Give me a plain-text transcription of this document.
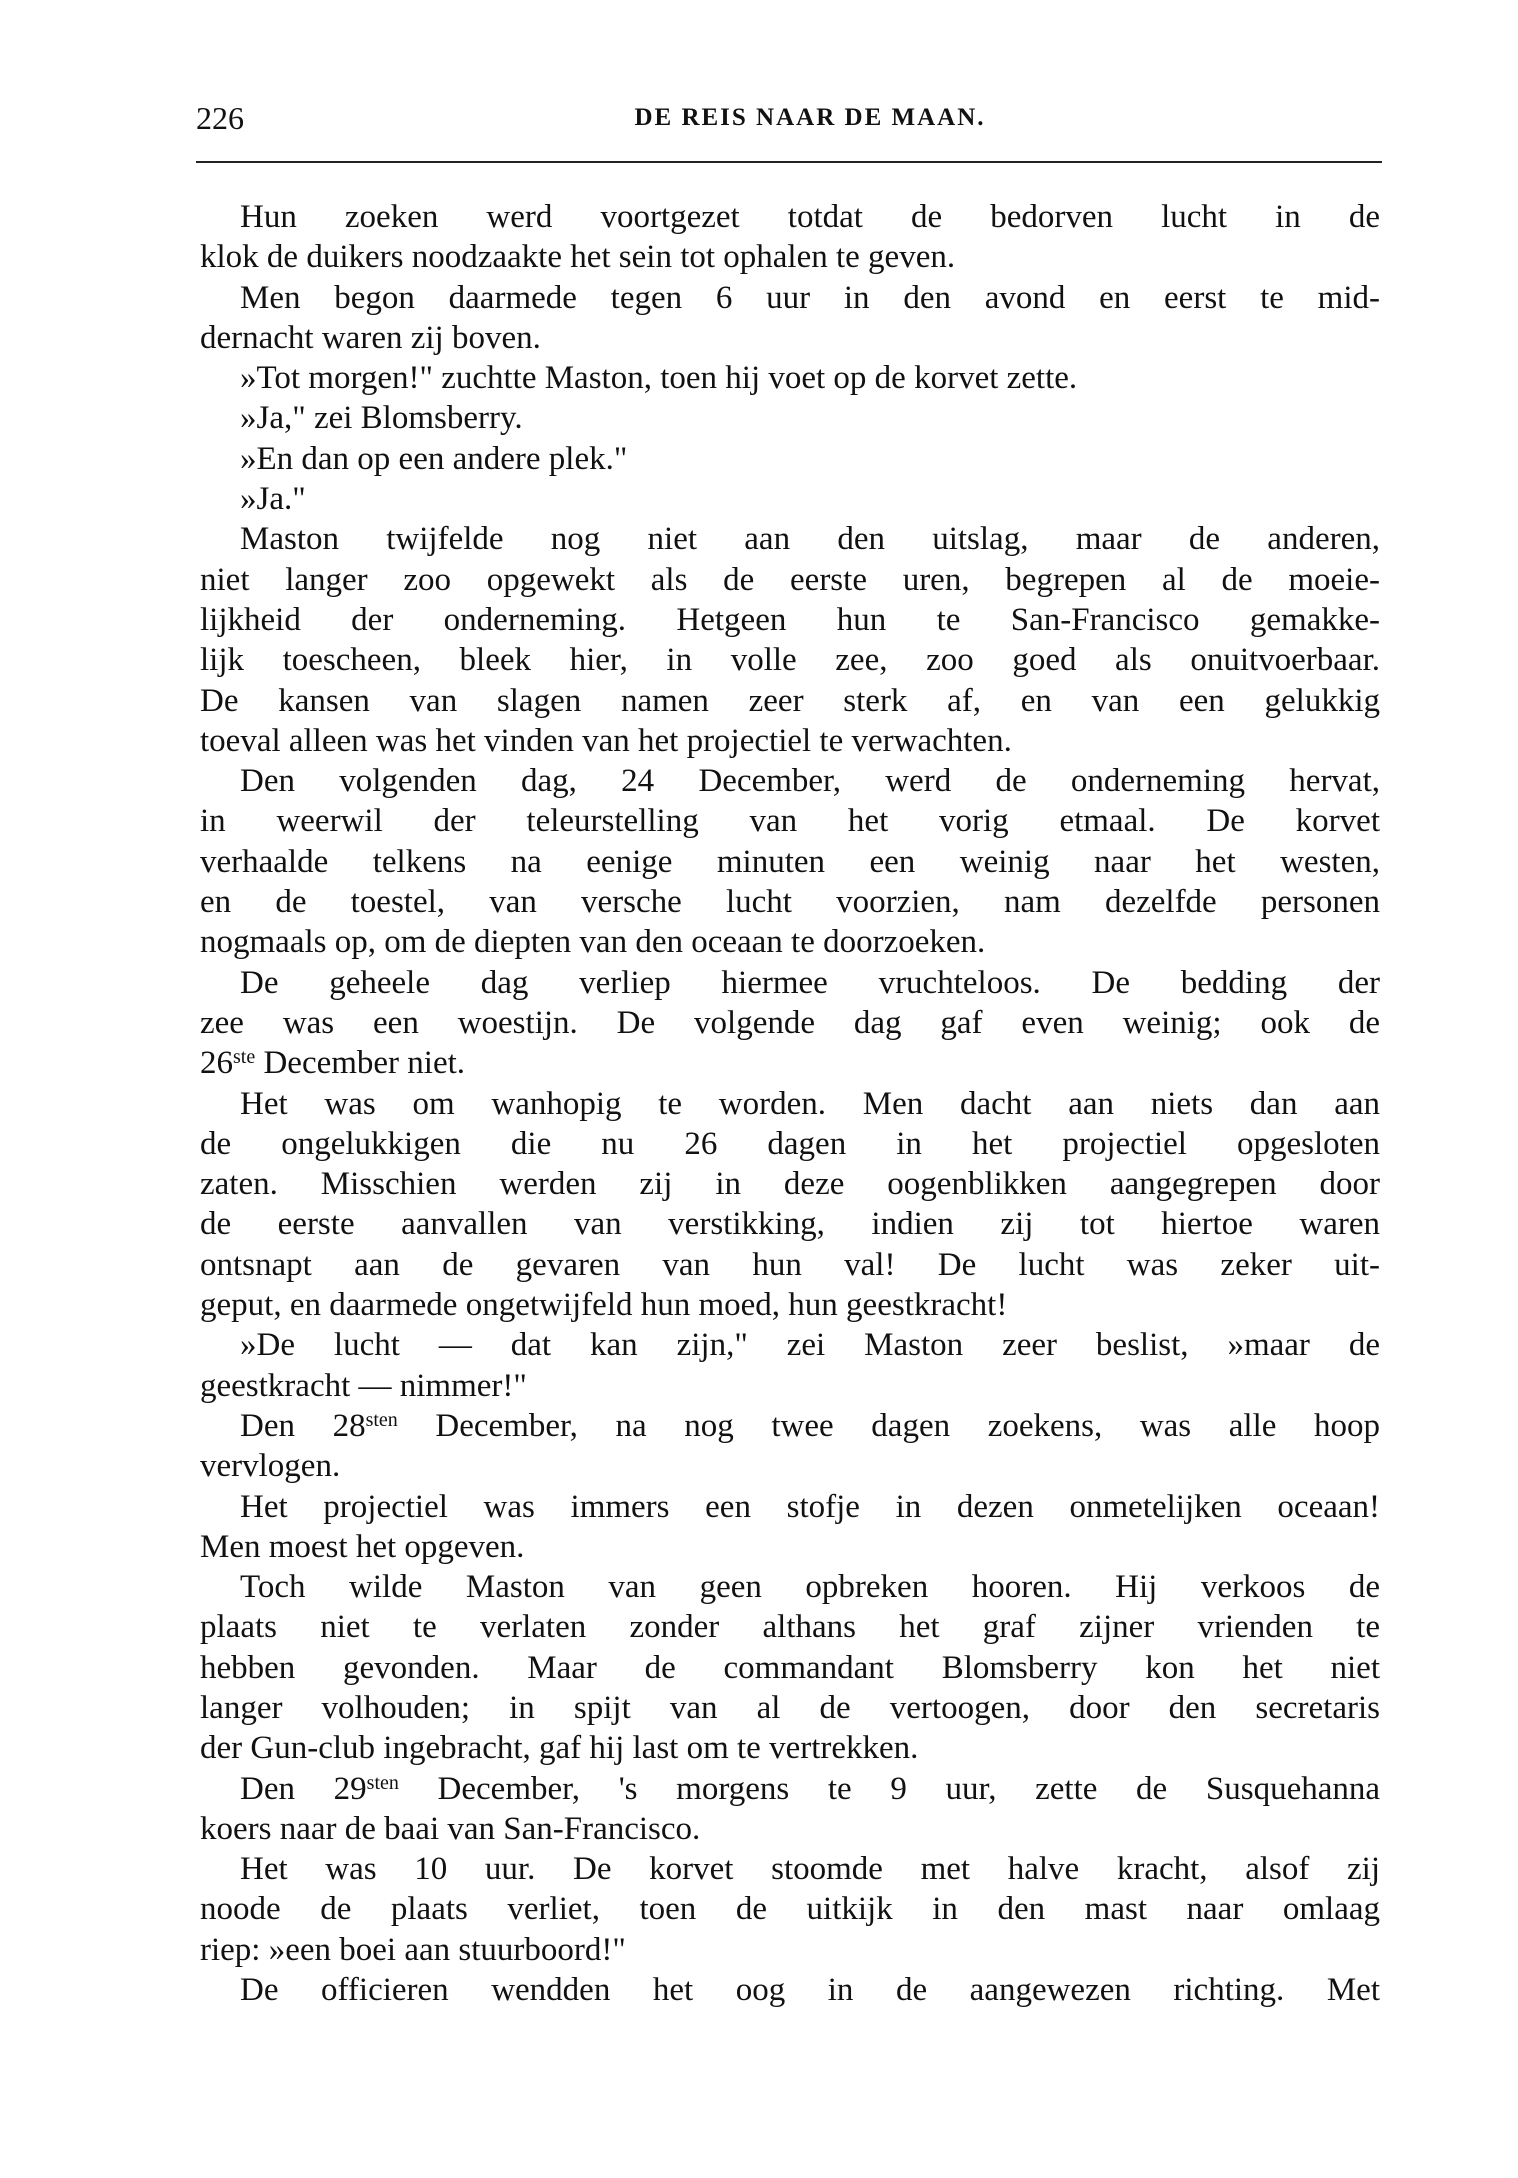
226	DE REIS NAAR DE MAAN.
Hun zoeken werd voortgezet totdat de bedorven lucht in de
klok de duikers noodzaakte het sein tot ophalen te geven.
Men begon daarmede tegen 6 uur in den avond en eerst te mid-
dernacht waren zij boven.
»Tot morgen!" zuchtte Maston, toen hij voet op de korvet zette.
»Ja," zei Blomsberry.
»En dan op een andere plek."
»Ja."
Maston twijfelde nog niet aan den uitslag, maar de anderen,
niet langer zoo opgewekt als de eerste uren, begrepen al de moeie-
lijkheid der onderneming. Hetgeen hun te San-Francisco gemakke-
lijk toescheen, bleek hier, in volle zee, zoo goed als onuitvoerbaar.
De kansen van slagen namen zeer sterk af, en van een gelukkig
toeval alleen was het vinden van het projectiel te verwachten.
Den volgenden dag, 24 December, werd de onderneming hervat,
in weerwil der teleurstelling van het vorig etmaal. De korvet
verhaalde telkens na eenige minuten een weinig naar het westen,
en de toestel, van versche lucht voorzien, nam dezelfde personen
nogmaals op, om de diepten van den oceaan te doorzoeken.
De geheele dag verliep hiermee vruchteloos. De bedding der
zee was een woestijn. De volgende dag gaf even weinig; ook de
26ste December niet.
Het was om wanhopig te worden. Men dacht aan niets dan aan
de ongelukkigen die nu 26 dagen in het projectiel opgesloten
zaten. Misschien werden zij in deze oogenblikken aangegrepen door
de eerste aanvallen van verstikking, indien zij tot hiertoe waren
ontsnapt aan de gevaren van hun val! De lucht was zeker uit-
geput, en daarmede ongetwijfeld hun moed, hun geestkracht!
»De lucht — dat kan zijn," zei Maston zeer beslist, »maar de
geestkracht — nimmer!"
Den $28^{sten}$ December, na nog twee dagen zoekens, was alle hoop
vervlogen.
Het projectiel was immers een stofje in dezen onmetelijken oceaan!
Men moest het opgeven.
Toch wilde Maston van geen opbreken hooren. Hij verkoos de
plaats niet te verlaten zonder althans het graf zijner vrienden te
hebben gevonden. Maar de commandant Blomsberry kon het niet
langer volhouden; in spijt van al de vertoogen, door den secretaris
der Gun-club ingebracht, gaf hij last om te vertrekken.
Den $29^{sten}$ December, 's morgens te 9 uur, zette de Susquehanna
koers naar de baai van San-Francisco.
Het was 10 uur. De korvet stoomde met halve kracht, alsof zij
noode de plaats verliet, toen de uitkijk in den mast naar omlaag
riep: »een boei aan stuurboord!"
De officieren wendden het oog in de aangewezen richting. Met
